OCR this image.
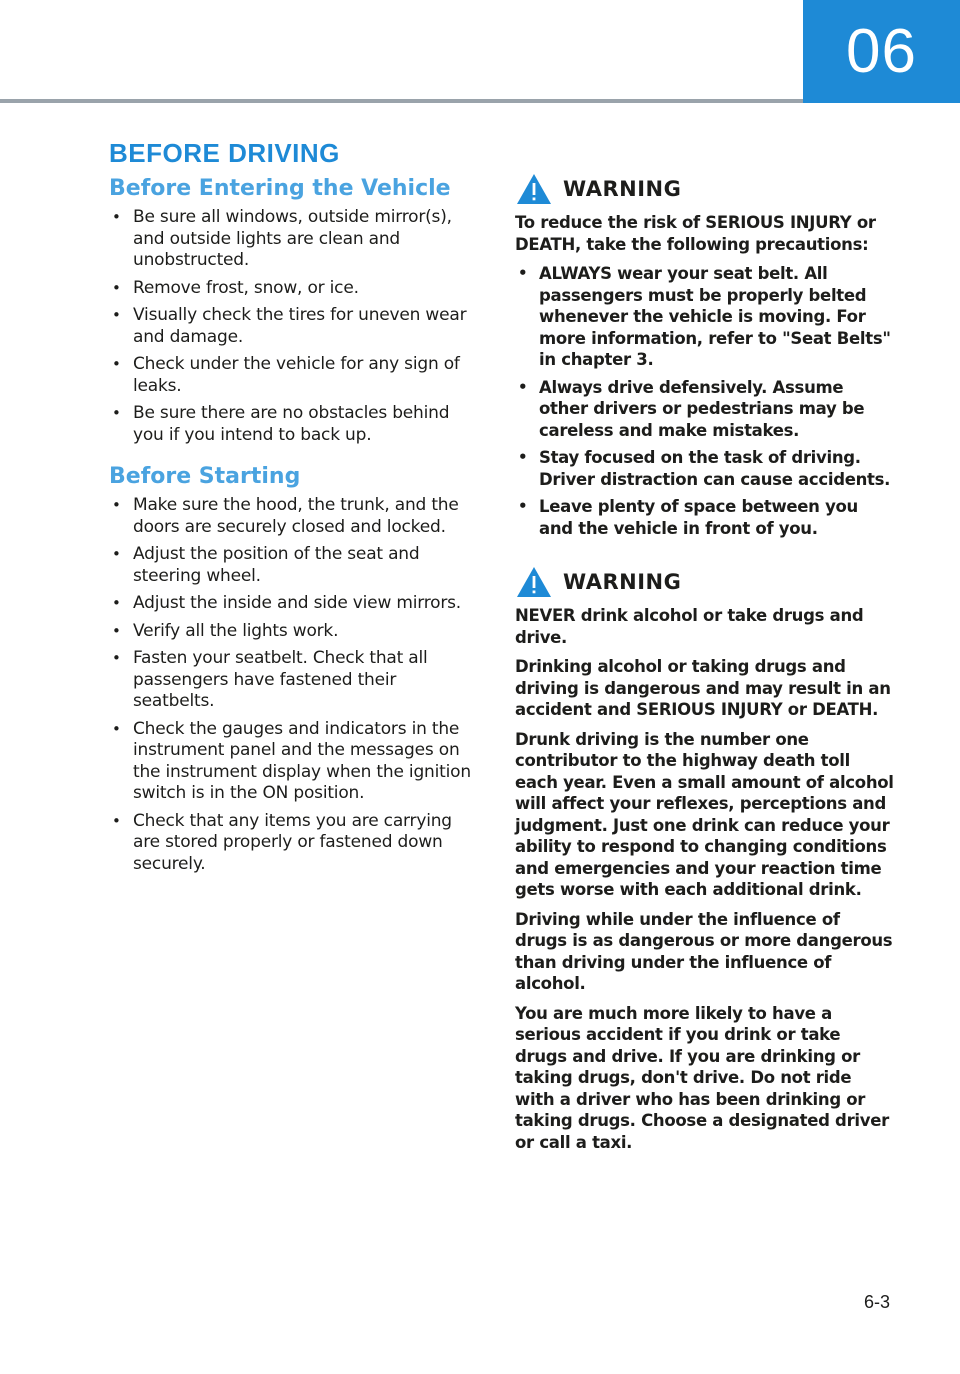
06
BEFORE DRIVING
Before Entering the Vehicle
• Be sure all windows, outside mirror(s), and outside lights are clean and unobstructed.
• Remove frost, snow, or ice.
• Visually check the tires for uneven wear and damage.
• Check under the vehicle for any sign of leaks.
• Be sure there are no obstacles behind you if you intend to back up.
Before Starting
• Make sure the hood, the trunk, and the doors are securely closed and locked.
• Adjust the position of the seat and steering wheel.
• Adjust the inside and side view mirrors.
• Verify all the lights work.
• Fasten your seatbelt. Check that all passengers have fastened their seatbelts.
• Check the gauges and indicators in the instrument panel and the messages on the instrument display when the ignition switch is in the ON position.
• Check that any items you are carrying are stored properly or fastened down securely.
WARNING

To reduce the risk of SERIOUS INJURY or DEATH, take the following precautions:

• ALWAYS wear your seat belt. All passengers must be properly belted whenever the vehicle is moving. For more information, refer to "Seat Belts" in chapter 3.
• Always drive defensively. Assume other drivers or pedestrians may be careless and make mistakes.
• Stay focused on the task of driving. Driver distraction can cause accidents.
• Leave plenty of space between you and the vehicle in front of you.
WARNING

NEVER drink alcohol or take drugs and drive.

Drinking alcohol or taking drugs and driving is dangerous and may result in an accident and SERIOUS INJURY or DEATH.

Drunk driving is the number one contributor to the highway death toll each year. Even a small amount of alcohol will affect your reflexes, perceptions and judgment. Just one drink can reduce your ability to respond to changing conditions and emergencies and your reaction time gets worse with each additional drink.

Driving while under the influence of drugs is as dangerous or more dangerous than driving under the influence of alcohol.

You are much more likely to have a serious accident if you drink or take drugs and drive. If you are drinking or taking drugs, don't drive. Do not ride with a driver who has been drinking or taking drugs. Choose a designated driver or call a taxi.

6-3
